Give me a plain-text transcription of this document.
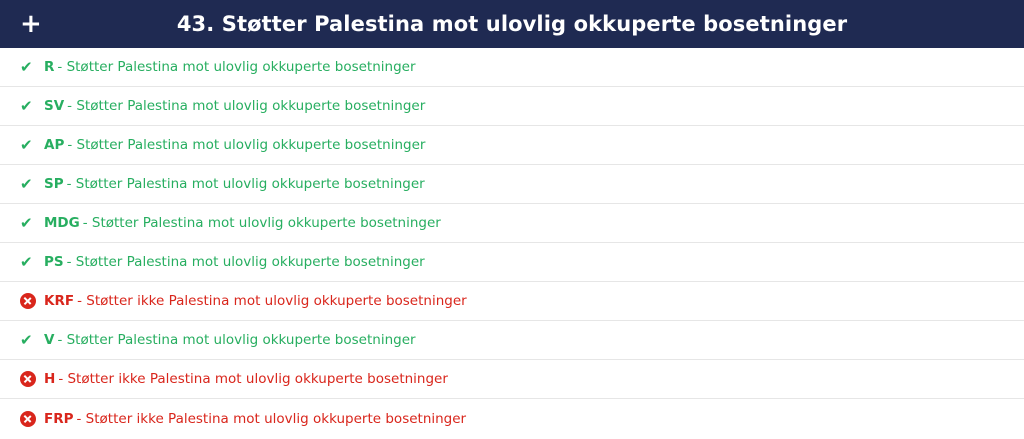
+	43. Støtter Palestina mot ulovlig okkuperte bosetninger
✔ R - Støtter Palestina mot ulovlig okkuperte bosetninger
✔ SV - Støtter Palestina mot ulovlig okkuperte bosetninger
✔ AP - Støtter Palestina mot ulovlig okkuperte bosetninger
✔ SP - Støtter Palestina mot ulovlig okkuperte bosetninger
✔ MDG - Støtter Palestina mot ulovlig okkuperte bosetninger
✔ PS - Støtter Palestina mot ulovlig okkuperte bosetninger
KRF - Støtter ikke Palestina mot ulovlig okkuperte bosetninger
✔ V - Støtter Palestina mot ulovlig okkuperte bosetninger
H - Støtter ikke Palestina mot ulovlig okkuperte bosetninger
FRP - Støtter ikke Palestina mot ulovlig okkuperte bosetninger
